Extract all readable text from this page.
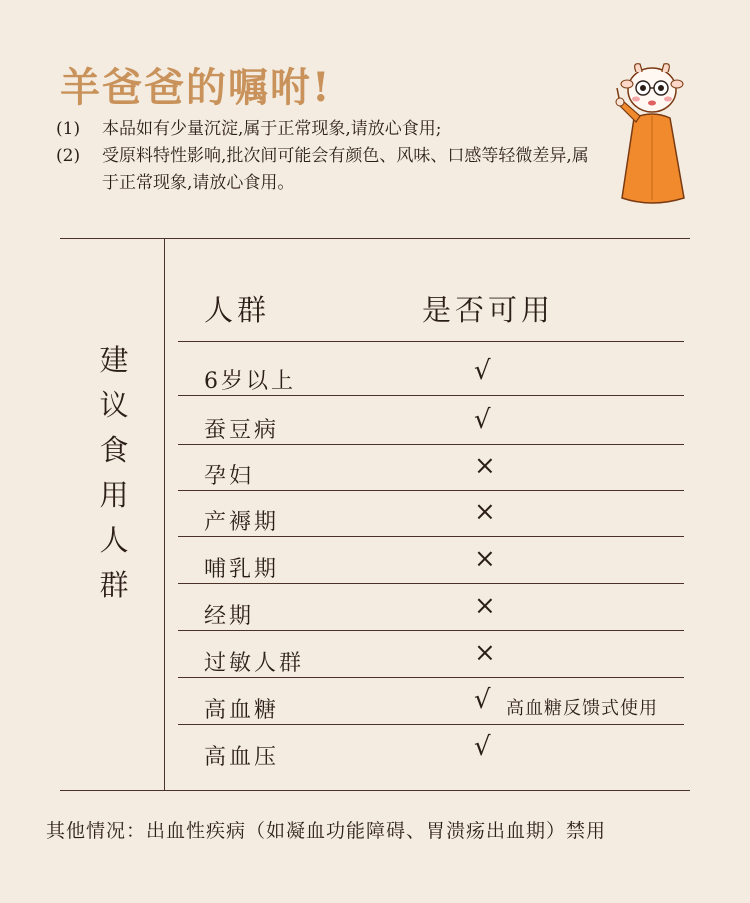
羊爸爸的嘱咐!
(1)	本品如有少量沉淀,属于正常现象,请放心食用;
(2)	受原料特性影响,批次间可能会有颜色、风味、口感等轻微差异,属于正常现象,请放心食用。
建议食用人群
人群	是否可用
6岁以上	√
蚕豆病	√
孕妇	×
产褥期	×
哺乳期	×
经期	×
过敏人群	×
高血糖	√ 高血糖反馈式使用
高血压	√
其他情况：出血性疾病（如凝血功能障碍、胃溃疡出血期）禁用
